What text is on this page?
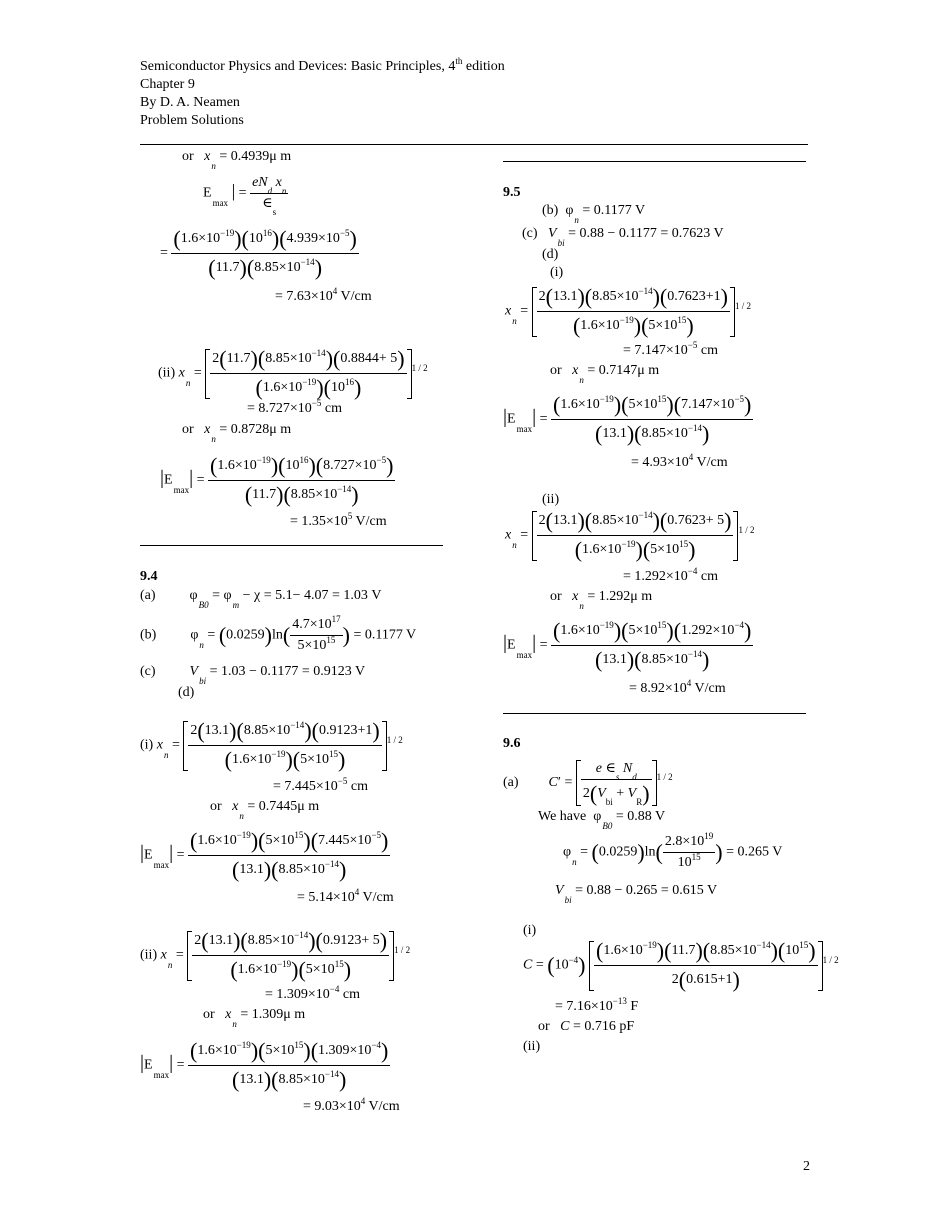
Semiconductor Physics and Devices: Basic Principles, 4th edition
Chapter 9
By D. A. Neamen
Problem Solutions
or   $x_n = 0.4939\mu$ m
$E_{max}$ | = $\frac{eN_d x_n}{\in_s}$
= $\frac{(1.6\times 10^{-19})(10^{16})(4.939\times 10^{-5})}{(11.7)(8.85\times 10^{-14})}$
= $7.63\times 10^4$ V/cm
(ii) $x_n = \frac{2(11.7)(8.85\times 10^{-14})(0.8844+ 5)}{(1.6\times 10^{-19})(10^{16})} ^{1 / 2}$
= $8.727\times 10^{-5}$ cm
or   $x_n = 0.8728\mu$ m
$|E_{max}| = \frac{(1.6\times 10^{-19})(10^{16})(8.727\times 10^{-5})}{(11.7)(8.85\times 10^{-14})}$
= $1.35\times 10^5$ V/cm
9.4
(a) $\varphi_{B0} = \varphi_m - \chi = 5.1- 4.07 = 1.03$ V
(b) $\varphi_n = (0.0259)\ln( \frac{4.7\times 10^{17}}{5\times 10^{15}}$ ) = 0.1177 V
(c) $V_{bi} = 1.03 - 0.1177 = 0.9123$ V
(d)
(i) $x_n = \frac{2(13.1)(8.85\times 10^{-14})(0.9123+1)}{(1.6\times 10^{-19})(5\times 10^{15})} ^{1 / 2}$
= $7.445\times 10^{-5}$ cm
or   $x_n = 0.7445\mu$ m
$|E_{max}| = \frac{(1.6\times 10^{-19})(5\times 10^{15})(7.445\times 10^{-5})}{(13.1)(8.85\times 10^{-14})}$
= $5.14\times 10^4$ V/cm
(ii) $x_n = \frac{2(13.1)(8.85\times 10^{-14})(0.9123+ 5)}{(1.6\times 10^{-19})(5\times 10^{15})} ^{1 / 2}$
= $1.309\times 10^{-4}$ cm
or   $x_n = 1.309\mu$ m
$|E_{max}| = \frac{(1.6\times 10^{-19})(5\times 10^{15})(1.309\times 10^{-4})}{(13.1)(8.85\times 10^{-14})}$
= $9.03\times 10^4$ V/cm
9.5
(b)  $\varphi_n = 0.1177$ V
(c)   $V_{bi} = 0.88 - 0.1177 = 0.7623$ V
(d)
(i)
$x_n = \frac{2(13.1)(8.85\times 10^{-14})(0.7623+1)}{(1.6\times 10^{-19})(5\times 10^{15})} ^{1 / 2}$
= $7.147\times 10^{-5}$ cm
or   $x_n = 0.7147\mu$ m
$|E_{max}| = \frac{(1.6\times 10^{-19})(5\times 10^{15})(7.147\times 10^{-5})}{(13.1)(8.85\times 10^{-14})}$
= $4.93\times 10^4$ V/cm
(ii)
$x_n = \frac{2(13.1)(8.85\times 10^{-14})(0.7623+ 5)}{(1.6\times 10^{-19})(5\times 10^{15})} ^{1 / 2}$
= $1.292\times 10^{-4}$ cm
or   $x_n = 1.292\mu$ m
$|E_{max}| = \frac{(1.6\times 10^{-19})(5\times 10^{15})(1.292\times 10^{-4})}{(13.1)(8.85\times 10^{-14})}$
= $8.92\times 10^4$ V/cm
9.6
(a) $C' = \frac{e \in_s N_d}{2(V_{bi} + V_R)} ^{1 / 2}$
We have  $\varphi_{B0} = 0.88$ V
$\varphi_n = (0.0259)\ln( \frac{2.8\times 10^{19}}{10^{15}}$ ) = 0.265 V
$V_{bi} = 0.88 - 0.265 = 0.615$ V
(i)
$C = (10^{-4}) \frac{(1.6\times 10^{-19})(11.7)(8.85\times 10^{-14})(10^{15})}{2(0.615+1)} ^{1 / 2}$
= $7.16\times 10^{-13}$ F
or   C = 0.716 pF
(ii)
2
